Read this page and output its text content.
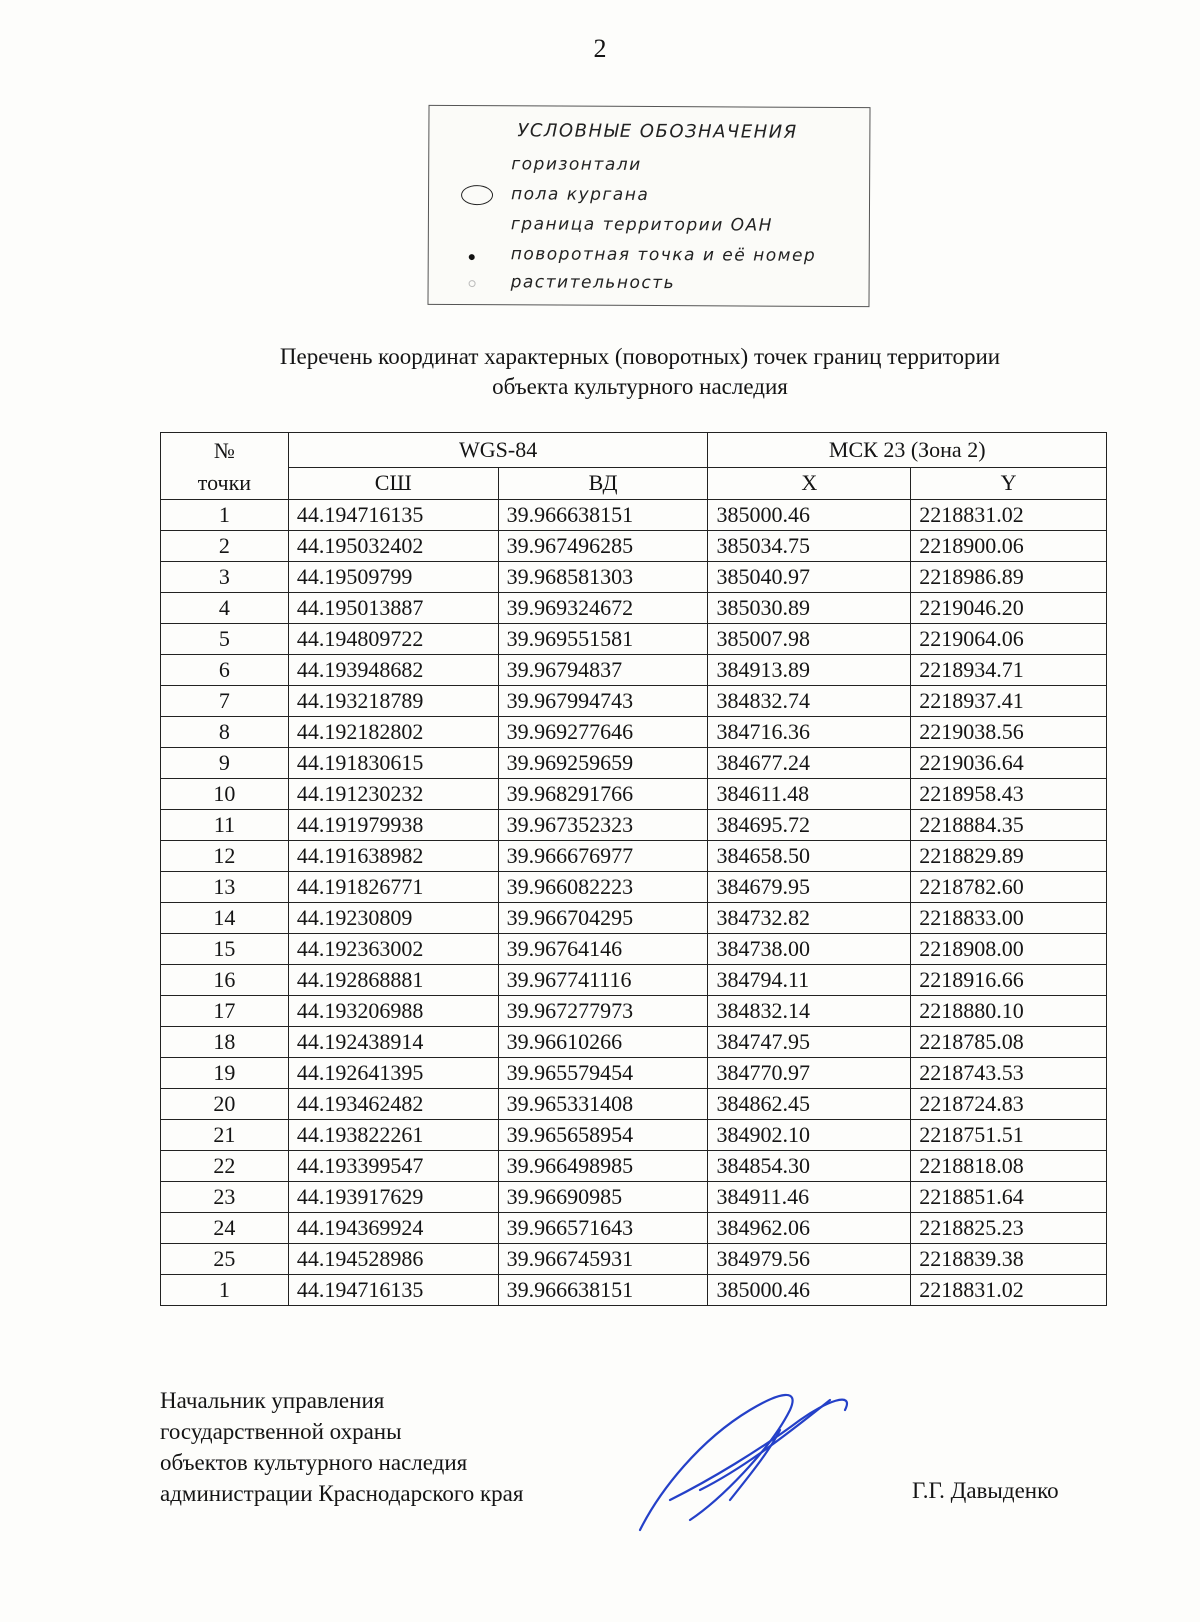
2
УСЛОВНЫЕ ОБОЗНАЧЕНИЯ
горизонтали
пола кургана
граница территории ОАН
поворотная точка и её номер
растительность
Перечень координат характерных (поворотных) точек границ территории
объекта культурного наследия
№
точки	WGS-84		МСК 23 (Зона 2)	
	СШ	ВД	X	Y
1	44.194716135	39.966638151	385000.46	2218831.02
2	44.195032402	39.967496285	385034.75	2218900.06
3	44.19509799	39.968581303	385040.97	2218986.89
4	44.195013887	39.969324672	385030.89	2219046.20
5	44.194809722	39.969551581	385007.98	2219064.06
6	44.193948682	39.96794837	384913.89	2218934.71
7	44.193218789	39.967994743	384832.74	2218937.41
8	44.192182802	39.969277646	384716.36	2219038.56
9	44.191830615	39.969259659	384677.24	2219036.64
10	44.191230232	39.968291766	384611.48	2218958.43
11	44.191979938	39.967352323	384695.72	2218884.35
12	44.191638982	39.966676977	384658.50	2218829.89
13	44.191826771	39.966082223	384679.95	2218782.60
14	44.19230809	39.966704295	384732.82	2218833.00
15	44.192363002	39.96764146	384738.00	2218908.00
16	44.192868881	39.967741116	384794.11	2218916.66
17	44.193206988	39.967277973	384832.14	2218880.10
18	44.192438914	39.96610266	384747.95	2218785.08
19	44.192641395	39.965579454	384770.97	2218743.53
20	44.193462482	39.965331408	384862.45	2218724.83
21	44.193822261	39.965658954	384902.10	2218751.51
22	44.193399547	39.966498985	384854.30	2218818.08
23	44.193917629	39.96690985	384911.46	2218851.64
24	44.194369924	39.966571643	384962.06	2218825.23
25	44.194528986	39.966745931	384979.56	2218839.38
1	44.194716135	39.966638151	385000.46	2218831.02
Начальник управления
государственной охраны
объектов культурного наследия
администрации Краснодарского края	Г.Г. Давыденко
